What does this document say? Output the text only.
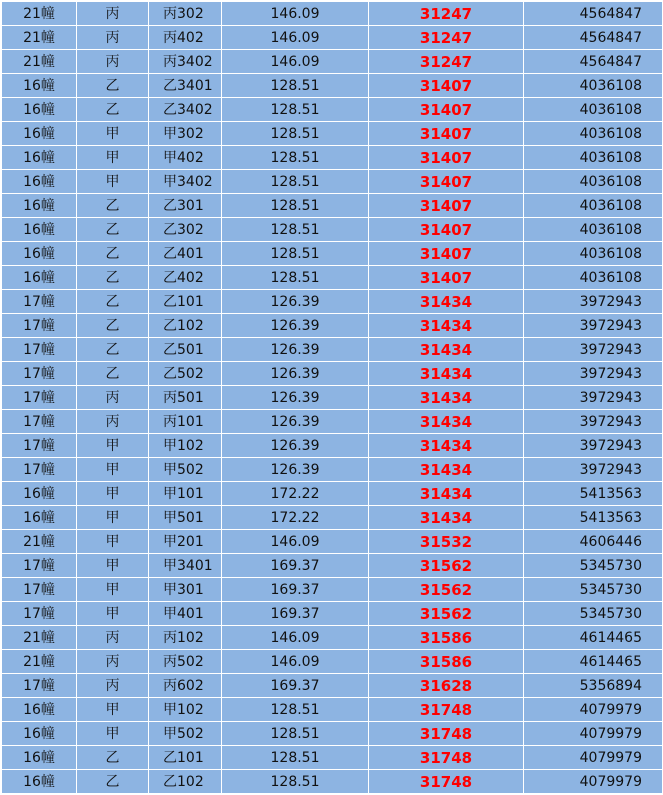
21幢	丙	丙302	146.09	31247	4564847
21幢	丙	丙402	146.09	31247	4564847
21幢	丙	丙3402	146.09	31247	4564847
16幢	乙	乙3401	128.51	31407	4036108
16幢	乙	乙3402	128.51	31407	4036108
16幢	甲	甲302	128.51	31407	4036108
16幢	甲	甲402	128.51	31407	4036108
16幢	甲	甲3402	128.51	31407	4036108
16幢	乙	乙301	128.51	31407	4036108
16幢	乙	乙302	128.51	31407	4036108
16幢	乙	乙401	128.51	31407	4036108
16幢	乙	乙402	128.51	31407	4036108
17幢	乙	乙101	126.39	31434	3972943
17幢	乙	乙102	126.39	31434	3972943
17幢	乙	乙501	126.39	31434	3972943
17幢	乙	乙502	126.39	31434	3972943
17幢	丙	丙501	126.39	31434	3972943
17幢	丙	丙101	126.39	31434	3972943
17幢	甲	甲102	126.39	31434	3972943
17幢	甲	甲502	126.39	31434	3972943
16幢	甲	甲101	172.22	31434	5413563
16幢	甲	甲501	172.22	31434	5413563
21幢	甲	甲201	146.09	31532	4606446
17幢	甲	甲3401	169.37	31562	5345730
17幢	甲	甲301	169.37	31562	5345730
17幢	甲	甲401	169.37	31562	5345730
21幢	丙	丙102	146.09	31586	4614465
21幢	丙	丙502	146.09	31586	4614465
17幢	丙	丙602	169.37	31628	5356894
16幢	甲	甲102	128.51	31748	4079979
16幢	甲	甲502	128.51	31748	4079979
16幢	乙	乙101	128.51	31748	4079979
16幢	乙	乙102	128.51	31748	4079979
